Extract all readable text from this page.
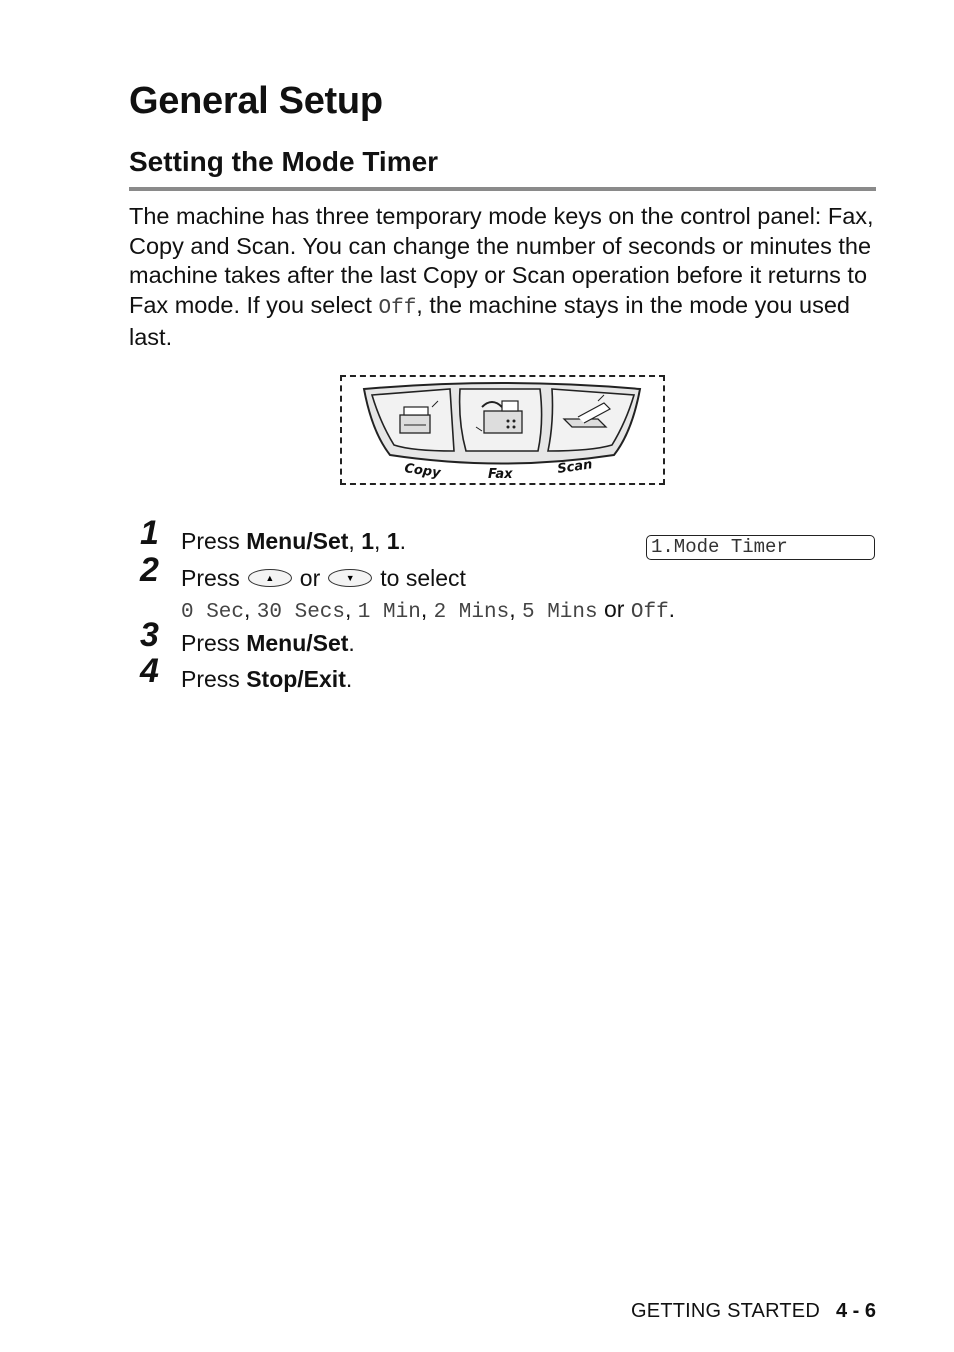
General Setup
Setting the Mode Timer

The machine has three temporary mode keys on the control panel: Fax, Copy and Scan. You can change the number of seconds or minutes the machine takes after the last Copy or Scan operation before it returns to Fax mode. If you select Off, the machine stays in the mode you used last.

Copy	Fax	Scan
1 Press Menu/Set, 1, 1.	1.Mode Timer
2 Press	▲	or	▼	to select
0 Sec, 30 Secs, 1 Min, 2 Mins, 5 Mins or Off.
3 Press Menu/Set.
4 Press Stop/Exit.
GETTING STARTED 4 - 6
